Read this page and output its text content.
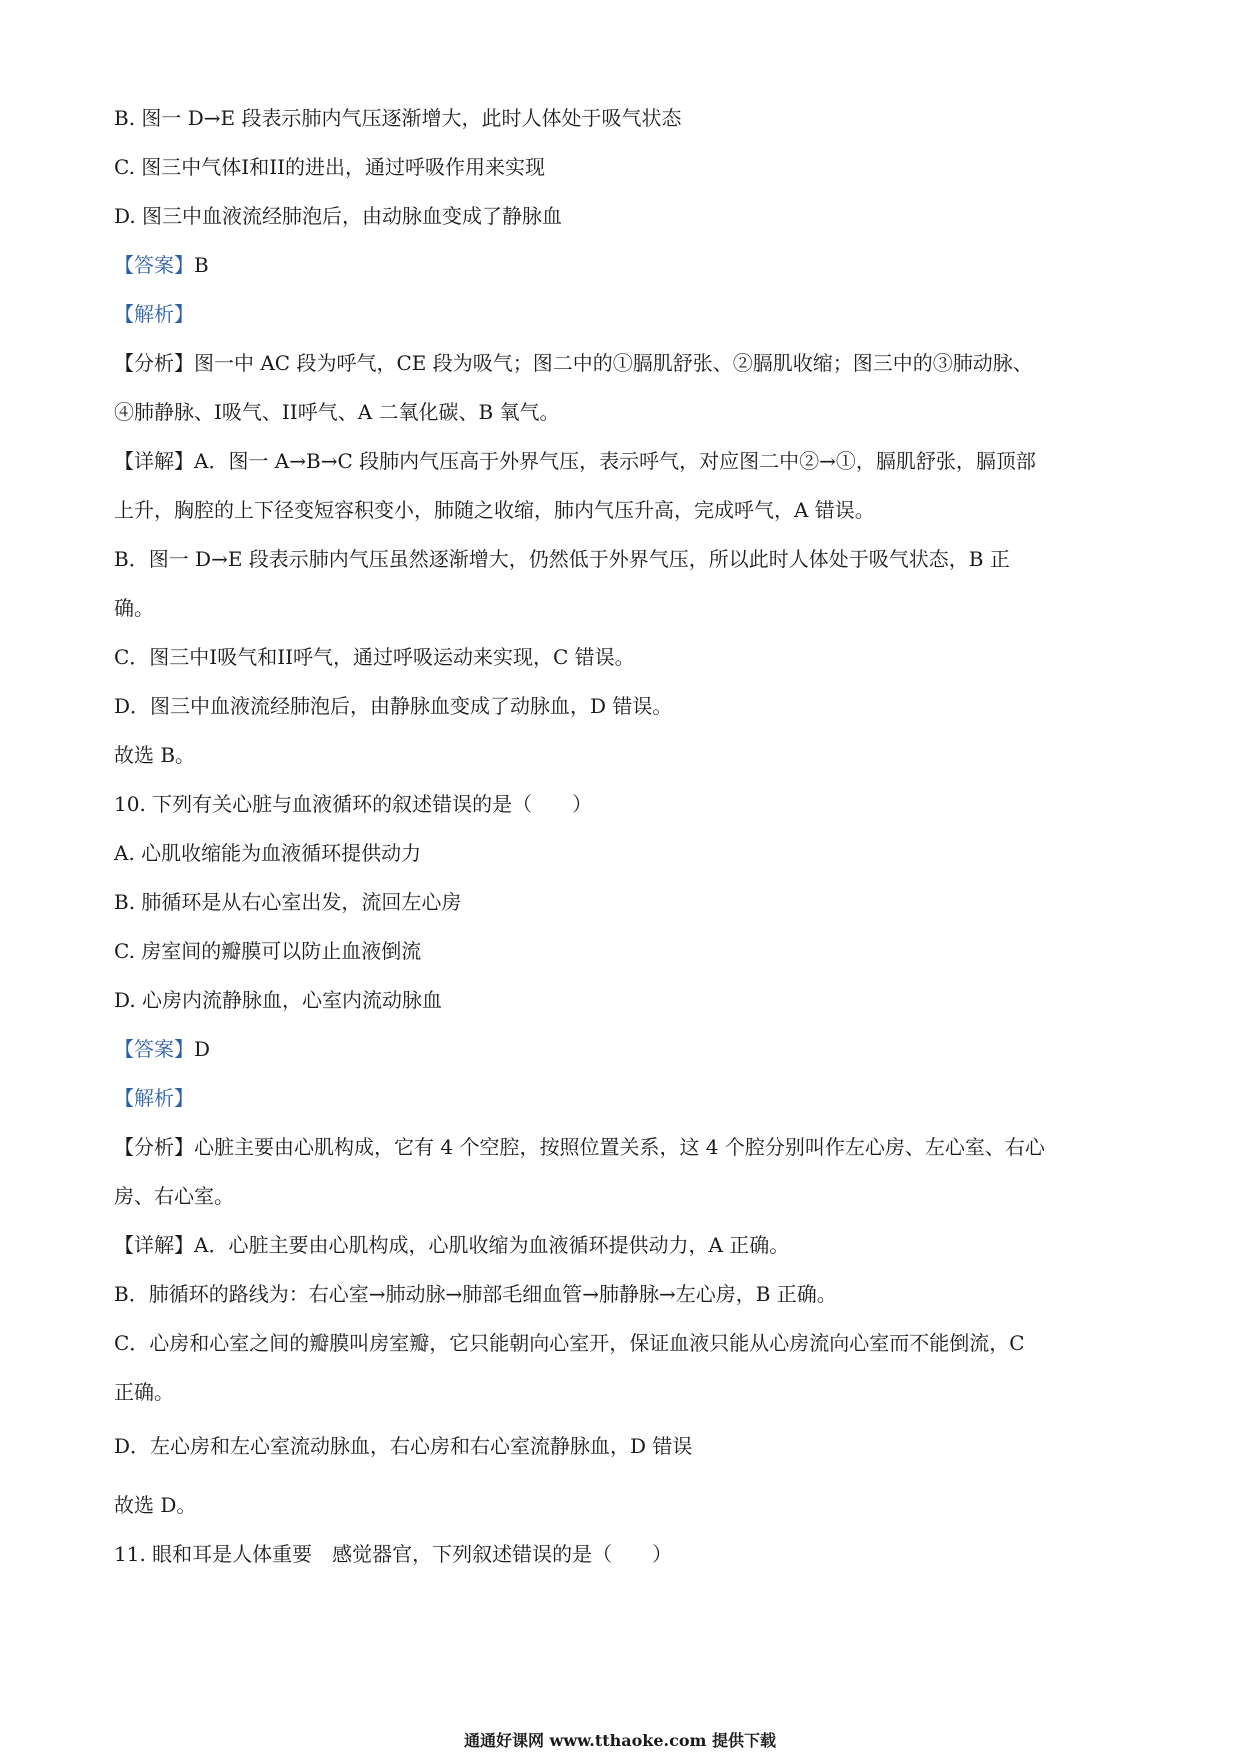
B. 图一 D→E 段表示肺内气压逐渐增大，此时人体处于吸气状态
C. 图三中气体I和II的进出，通过呼吸作用来实现
D. 图三中血液流经肺泡后，由动脉血变成了静脉血
【答案】B
【解析】
【分析】图一中 AC 段为呼气，CE 段为吸气；图二中的①膈肌舒张、②膈肌收缩；图三中的③肺动脉、
④肺静脉、I吸气、II呼气、A 二氧化碳、B 氧气。
【详解】A．图一 A→B→C 段肺内气压高于外界气压，表示呼气，对应图二中②→①，膈肌舒张，膈顶部
上升，胸腔的上下径变短容积变小，肺随之收缩，肺内气压升高，完成呼气，A 错误。
B．图一 D→E 段表示肺内气压虽然逐渐增大，仍然低于外界气压，所以此时人体处于吸气状态，B 正
确。
C．图三中I吸气和II呼气，通过呼吸运动来实现，C 错误。
D．图三中血液流经肺泡后，由静脉血变成了动脉血，D 错误。
故选 B。
10. 下列有关心脏与血液循环的叙述错误的是（　　）
A. 心肌收缩能为血液循环提供动力
B. 肺循环是从右心室出发，流回左心房
C. 房室间的瓣膜可以防止血液倒流
D. 心房内流静脉血，心室内流动脉血
【答案】D
【解析】
【分析】心脏主要由心肌构成，它有 4 个空腔，按照位置关系，这 4 个腔分别叫作左心房、左心室、右心
房、右心室。
【详解】A．心脏主要由心肌构成，心肌收缩为血液循环提供动力，A 正确。
B．肺循环的路线为：右心室→肺动脉→肺部毛细血管→肺静脉→左心房，B 正确。
C．心房和心室之间的瓣膜叫房室瓣，它只能朝向心室开，保证血液只能从心房流向心室而不能倒流，C
正确。
D．左心房和左心室流动脉血，右心房和右心室流静脉血，D 错误
故选 D。
11. 眼和耳是人体重要　感觉器官，下列叙述错误的是（　　）
通通好课网 www.tthaoke.com 提供下载
